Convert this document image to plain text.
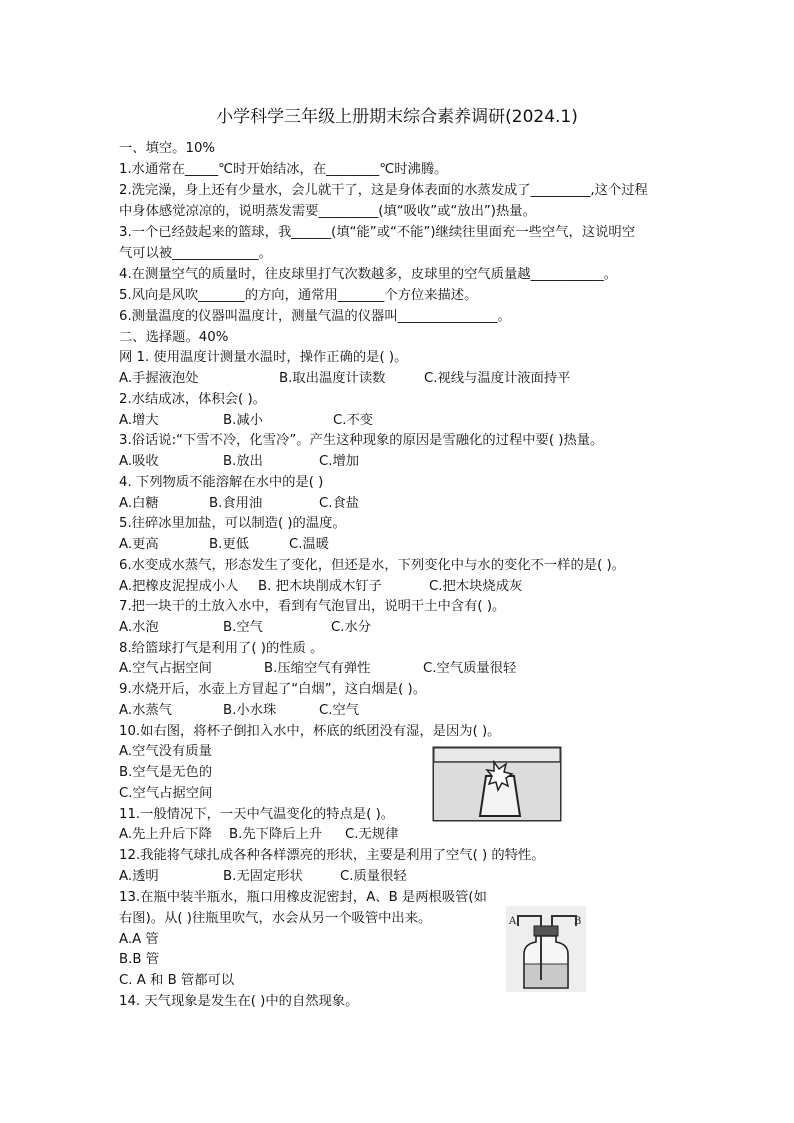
小学科学三年级上册期末综合素养调研(2024.1)
一、填空。10%
1.水通常在_____℃时开始结冰，在________℃时沸腾。
2.洗完澡，身上还有少量水，会儿就干了，这是身体表面的水蒸发成了_________,这个过程
中身体感觉凉凉的，说明蒸发需要_________(填“吸收”或“放出”)热量。
3.一个已经鼓起来的篮球，我______(填“能”或“不能”)继续往里面充一些空气，这说明空
气可以被_____________。
4.在测量空气的质量时，往皮球里打气次数越多，皮球里的空气质量越___________。
5.风向是风吹_______的方向，通常用_______个方位来描述。
6.测量温度的仪器叫温度计，测量气温的仪器叫_______________。
二、选择题。40%
网 1. 使用温度计测量水温时，操作正确的是( )。
A.手握液泡处	B.取出温度计读数	C.视线与温度计液面持平
2.水结成冰，体积会( )。
A.增大	B.减小	C.不变
3.俗话说:“下雪不冷，化雪冷”。产生这种现象的原因是雪融化的过程中要( )热量。
A.吸收	B.放出	C.增加
4. 下列物质不能溶解在水中的是( )
A.白糖	B.食用油	C.食盐
5.往碎冰里加盐，可以制造( )的温度。
A.更高	B.更低	C.温暖
6.水变成水蒸气，形态发生了变化，但还是水，下列变化中与水的变化不一样的是( )。
A.把橡皮泥捏成小人 B. 把木块削成木钉子	C.把木块烧成灰
7.把一块干的土放入水中，看到有气泡冒出，说明干土中含有( )。
A.水泡	B.空气	C.水分
8.给篮球打气是利用了( )的性质 。
A.空气占据空间	B.压缩空气有弹性	C.空气质量很轻
9.水烧开后，水壶上方冒起了“白烟”，这白烟是( )。
A.水蒸气	B.小水珠	C.空气
10.如右图，将杯子倒扣入水中，杯底的纸团没有湿，是因为( )。
A.空气没有质量
B.空气是无色的
C.空气占据空间
11.一般情况下，一天中气温变化的特点是( )。
A.先上升后下降 B.先下降后上升 C.无规律
12.我能将气球扎成各种各样漂亮的形状，主要是利用了空气( ) 的特性。
A.透明	B.无固定形状	C.质量很轻
13.在瓶中装半瓶水，瓶口用橡皮泥密封，A、B 是两根吸管(如
右图)。从( )往瓶里吹气，水会从另一个吸管中出来。
A.A 管
B.B 管
C. A 和 B 管都可以
A	B
14. 天气现象是发生在( )中的自然现象。
